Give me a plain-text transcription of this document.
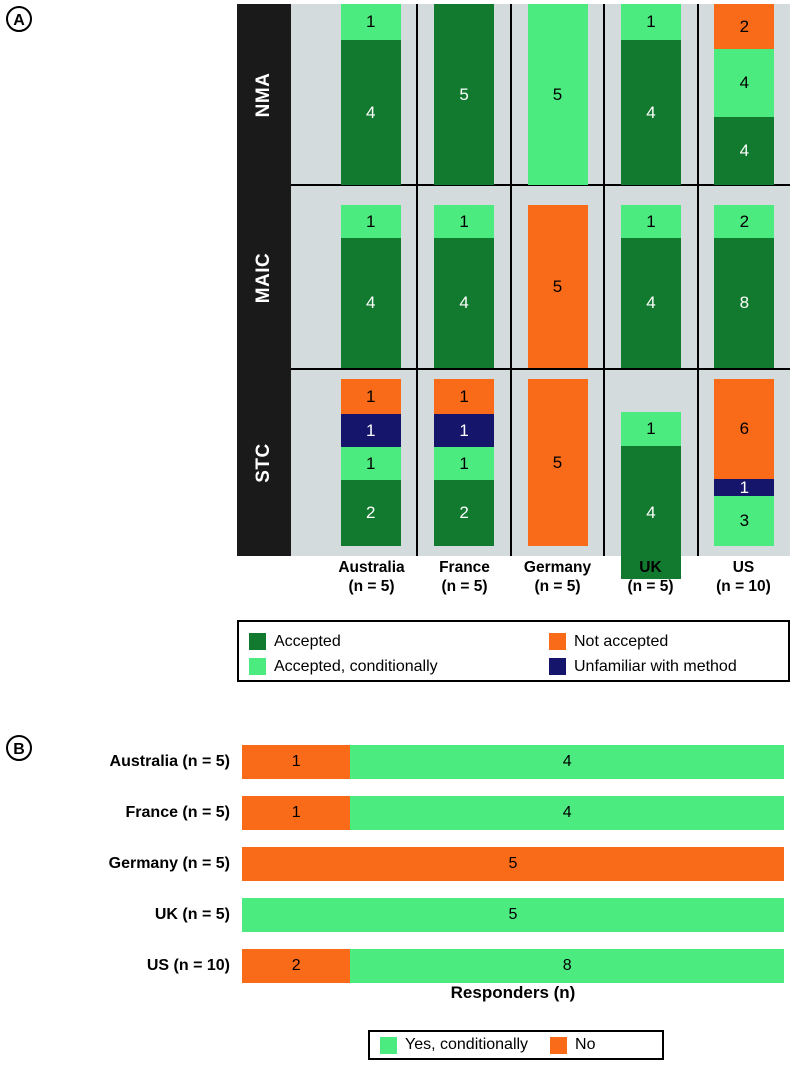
A
NMA
1
4
5	5
1
4
2
4
4
MAIC
1
4
1
4
5
1
4
2
8
STC
1
1
1
2
1
1
1
2
5
1
4
6
1
3
Australia
(n = 5)
France
(n = 5)
Germany
(n = 5)
UK
(n = 5)
US
(n = 10)
Accepted	Not accepted
Accepted, conditionally	Unfamiliar with method
B
Australia (n = 5)	1	4
France (n = 5)	1	4
Germany (n = 5)	5
UK (n = 5)	5
US (n = 10)	2	8
Responders (n)
Yes, conditionally	No
